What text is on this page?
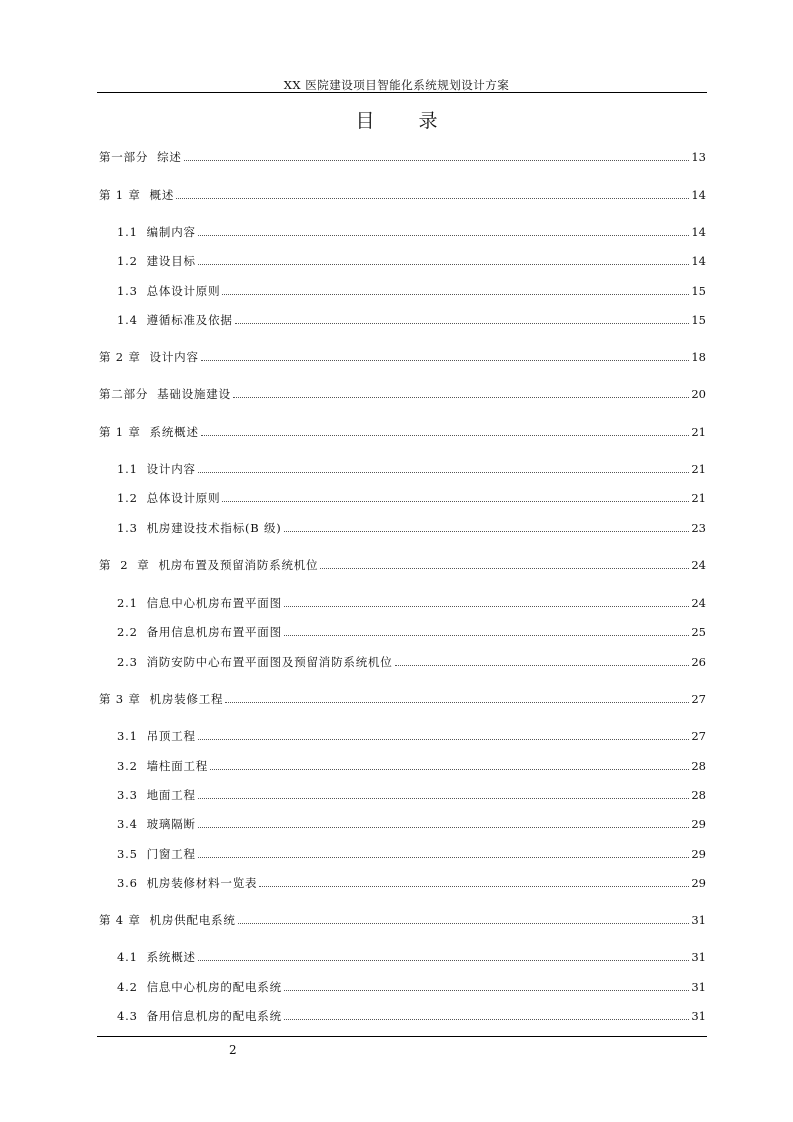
XX 医院建设项目智能化系统规划设计方案
目 录
第一部分  综述	13
第 1 章  概述	14
1.1  编制内容	14
1.2  建设目标	14
1.3  总体设计原则	15
1.4  遵循标准及依据	15
第 2 章  设计内容	18
第二部分  基础设施建设	20
第 1 章  系统概述	21
1.1  设计内容	21
1.2  总体设计原则	21
1.3  机房建设技术指标(B 级)	23
第  2  章  机房布置及预留消防系统机位	24
2.1  信息中心机房布置平面图	24
2.2  备用信息机房布置平面图	25
2.3  消防安防中心布置平面图及预留消防系统机位	26
第 3 章  机房装修工程	27
3.1  吊顶工程	27
3.2  墙柱面工程	28
3.3  地面工程	28
3.4  玻璃隔断	29
3.5  门窗工程	29
3.6  机房装修材料一览表	29
第 4 章  机房供配电系统	31
4.1  系统概述	31
4.2  信息中心机房的配电系统	31
4.3  备用信息机房的配电系统	31
2
